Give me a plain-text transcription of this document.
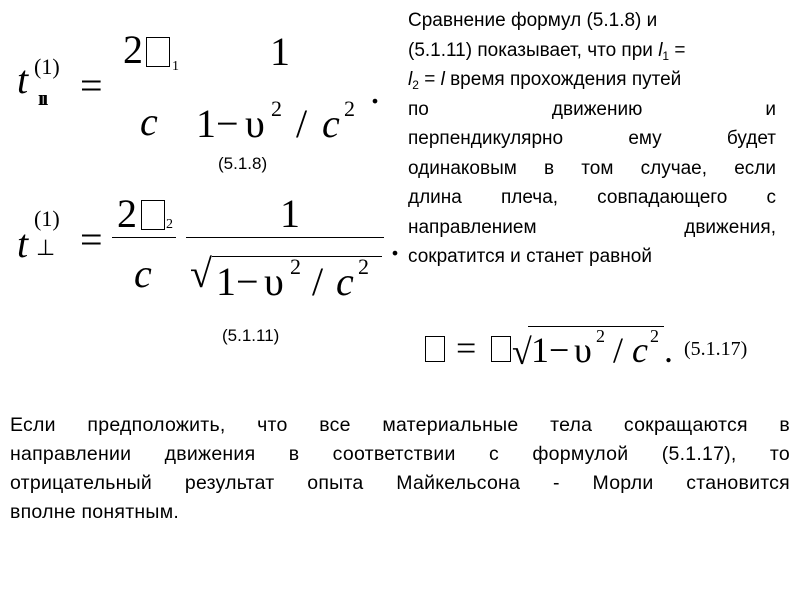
t (1)
ıı =
2 1
c
1
1− υ 2 / c 2 .
(5.1.8)
t
(1)
⊥ =
2 2
c
1
√ 1− υ 2 / c 2
.
(5.1.11)	= √ 1− υ 2 / c 2 . (5.1.17)
Сравнение формул (5.1.8) и
(5.1.11) показывает, что при $l_1$ =
$l_2 = l$ время прохождения путей
по движению и
перпендикулярно ему будет
одинаковым в том случае, если
длина плеча, совпадающего с
направлением движения,
сократится и станет равной
Если предположить, что все материальные тела сокращаются в
направлении движения в соответствии с формулой (5.1.17), то
отрицательный результат опыта Майкельсона - Морли становится
вполне понятным.
